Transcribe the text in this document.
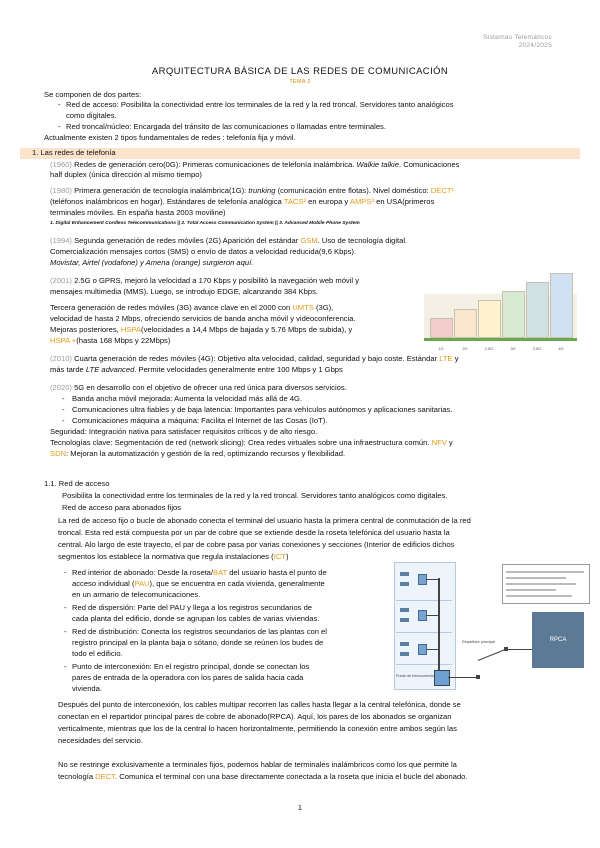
Sistemas Telemáticos
2024/2025
ARQUITECTURA BÁSICA DE LAS REDES DE COMUNICACIÓN
TEMA 2
Se componen de dos partes:
- Red de acceso: Posibilita la conectividad entre los terminales de la red y la red troncal. Servidores tanto analógicos
como digitales.
- Red troncal/núcleo: Encargada del tránsito de las comunicaciones o llamadas entre terminales.
Actualmente existen 2 tipos fundamentales de redes : telefonía fija y móvil.
1. Las redes de telefonía
(1960) Redes de generación cero(0G): Primeras comunicaciones de telefonía inalámbrica. Walkie talkie. Comunicaciones
half duplex (única dirección al mismo tiempo)
(1980) Primera generación de tecnología inalámbrica(1G): trunking (comunicación entre flotas). Nivel doméstico: DECT¹
(teléfonos inalámbricos en hogar). Estándares de telefonía analógica TACS² en europa y AMPS³ en USA(primeros
terminales móviles. En españa hasta 2003 moviline)
1. Digital Enhancement Cordless Telecommunications || 2. Total Access Communication System || 3. Advanced Mobile Phone System
(1994) Segunda generación de redes móviles (2G) Aparición del estándar GSM. Uso de tecnología digital.
Comercialización mensajes cortos (SMS) o envío de datos a velocidad reducida(9,6 Kbps).
Movistar, Airtel (vodafone) y Amena (orange) surgieron aquí.
(2001) 2.5G o GPRS, mejoró la velocidad a 170 Kbps y posibilitó la navegación web móvil y
mensajes multimedia (MMS). Luego, se introdujo EDGE, alcanzando 384 Kbps.
Tercera generación de redes móviles (3G) avance clave en el 2000 con UMTS (3G),
velocidad de hasta 2 Mbps, ofreciendo servicios de banda ancha móvil y videoconferencia.
Mejoras posteriores, HSPA(velocidades a 14,4 Mbps de bajada y 5.76 Mbps de subida), y
HSPA +(hasta 168 Mbps y 22Mbps)
(2010) Cuarta generación de redes móviles (4G): Objetivo alta velocidad, calidad, seguridad y bajo coste. Estándar LTE y
más tarde LTE advanced. Permite velocidades generalmente entre 100 Mbps y 1 Gbps
(2020) 5G en desarrollo con el objetivo de ofrecer una red única para diversos servicios.
- Banda ancha móvil mejorada: Aumenta la velocidad más allá de 4G.
- Comunicaciones ultra fiables y de baja latencia: Importantes para vehículos autónomos y aplicaciones sanitarias.
- Comunicaciones máquina a máquina: Facilita el Internet de las Cosas (IoT).
Seguridad: Integración nativa para satisfacer requisitos críticos y de alto riesgo.
Tecnologías clave: Segmentación de red (network slicing): Crea redes virtuales sobre una infraestructura común. NFV y
SDN: Mejoran la automatización y gestión de la red, optimizando recursos y flexibilidad.
1G	2G	2.5G	3G	3.5G	4G
1.1. Red de acceso
Posibilita la conectividad entre los terminales de la red y la red troncal. Servidores tanto analógicos como digitales.
Red de acceso para abonados fijos
La red de acceso fijo o bucle de abonado conecta el terminal del usuario hasta la primera central de conmutación de la red
troncal. Esta red está compuesta por un par de cobre que se extiende desde la roseta telefónica del usuario hasta la
central. Alo largo de este trayecto, el par de cobre pasa por varias conexiones y secciones (Interior de edificios dichos
segmentos los establece la normativa que regula instalaciones (ICT)
- Red interior de abonado: Desde la roseta/BAT del usuario hasta el punto de
acceso individual (PAU), que se encuentra en cada vivienda, generalmente
en un armario de telecomunicaciones.
- Red de dispersión: Parte del PAU y llega a los registros secundarios de
cada planta del edificio, donde se agrupan los cables de varias viviendas.
- Red de distribución: Conecta los registros secundarios de las plantas con el
registro principal en la planta baja o sótano, donde se reúnen los budes de
todo el edificio.
- Punto de interconexión: En el registro principal, donde se conectan los
pares de entrada de la operadora con los pares de salida hacia cada
vivienda.
Punto de Interconexión
Repartidor principal	RPCA
Después del punto de interconexión, los cables multipar recorren las calles hasta llegar a la central telefónica, donde se
conectan en el repartidor principal pares de cobre de abonado(RPCA). Aquí, los pares de los abonados se organizan
verticalmente, mientras que los de la central lo hacen horizontalmente, permitiendo la conexión entre ambos según las
necesidades del servicio.
No se restringe exclusivamente a terminales fijos, podemos hablar de terminales inalámbricos como los que permite la
tecnología DECT. Comunica el terminal con una base directamente conectada a la roseta que inicia el bucle del abonado.
1
